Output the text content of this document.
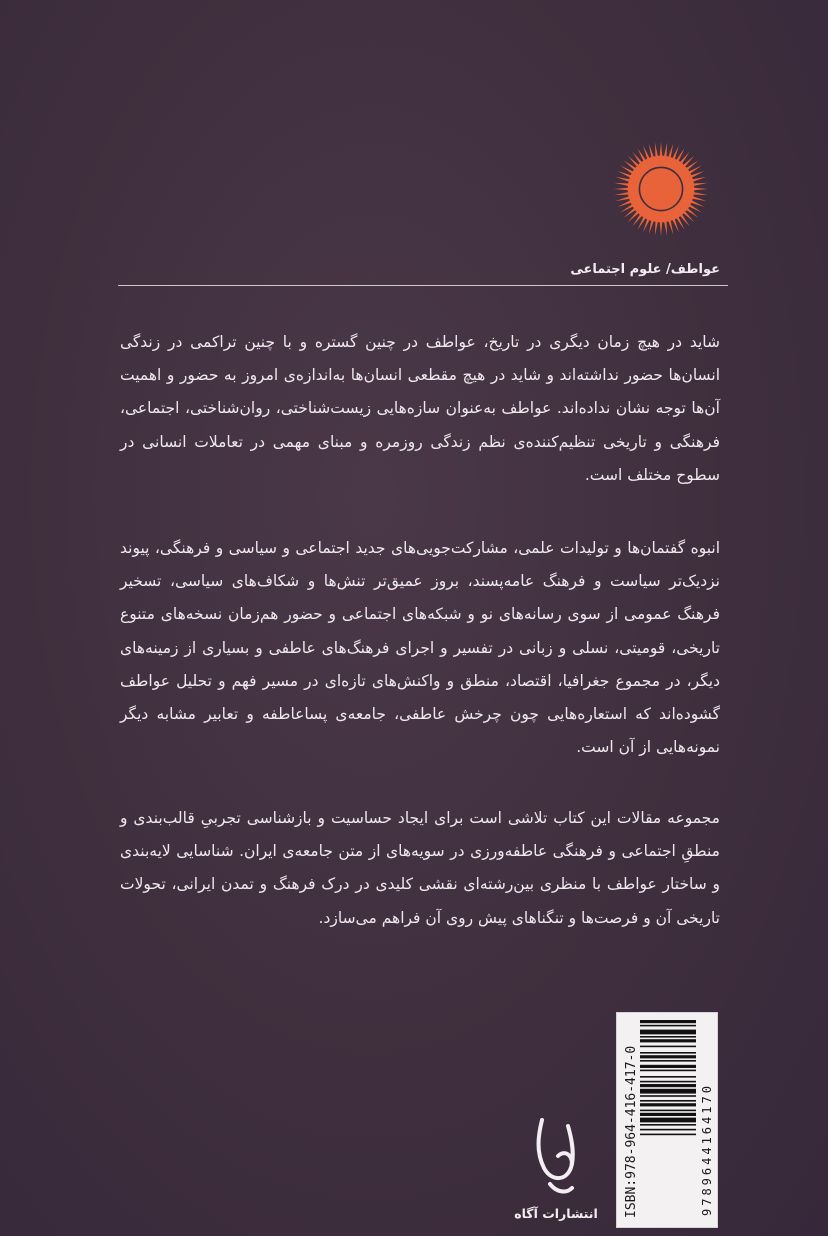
عواطف/ علوم اجتماعی

شاید در هیچ زمان دیگری در تاریخ، عواطف در چنین گستره و با چنین تراکمی در زندگی انسان‌ها حضور نداشته‌اند و شاید در هیچ مقطعی انسان‌ها به‌اندازه‌ی امروز به حضور و اهمیت آن‌ها توجه نشان نداده‌اند. عواطف به‌عنوان سازه‌هایی زیست‌شناختی، روان‌شناختی، اجتماعی، فرهنگی و تاریخی تنظیم‌کننده‌ی نظم زندگی روزمره و مبنای مهمی در تعاملات انسانی در سطوح مختلف است.

انبوه گفتمان‌ها و تولیدات علمی، مشارکت‌جویی‌های جدید اجتماعی و سیاسی و فرهنگی، پیوند نزدیک‌تر سیاست و فرهنگ عامه‌پسند، بروز عمیق‌تر تنش‌ها و شکاف‌های سیاسی، تسخیر فرهنگ عمومی از سوی رسانه‌های نو و شبکه‌های اجتماعی و حضور هم‌زمان نسخه‌های متنوع تاریخی، قومیتی، نسلی و زبانی در تفسیر و اجرای فرهنگ‌های عاطفی و بسیاری از زمینه‌های دیگر، در مجموع جغرافیا، اقتصاد، منطق و واکنش‌های تازه‌ای در مسیر فهم و تحلیل عواطف گشوده‌اند که استعاره‌هایی چون چرخش عاطفی، جامعه‌ی پساعاطفه و تعابیر مشابه دیگر نمونه‌هایی از آن است.

مجموعه مقالات این کتاب تلاشی است برای ایجاد حساسیت و بازشناسی تجربیِ قالب‌بندی و منطقِ اجتماعی و فرهنگی عاطفه‌ورزی در سویه‌های از متن جامعه‌ی ایران. شناسایی لایه‌بندی و ساختار عواطف با منظری بین‌رشته‌ای نقشی کلیدی در درک فرهنگ و تمدن ایرانی، تحولات تاریخی آن و فرصت‌ها و تنگناهای پیش روی آن فراهم می‌سازد.

انتشارات آگاه ISBN:978-964-416-417-0	9789644164170
